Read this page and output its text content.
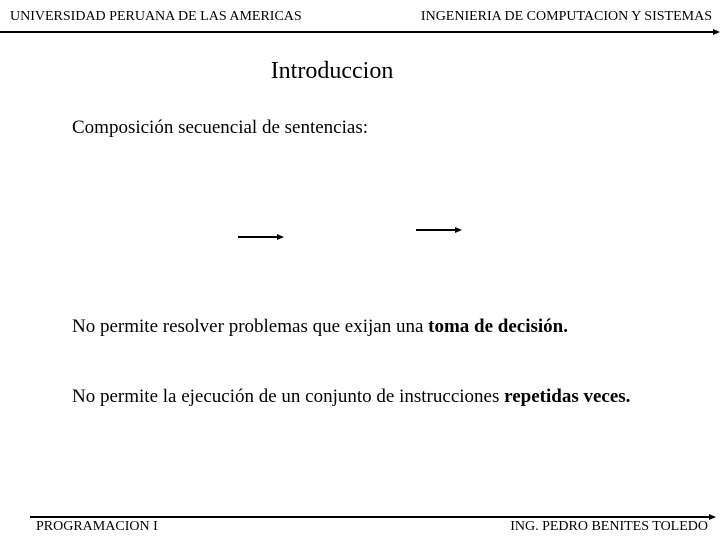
UNIVERSIDAD PERUANA DE LAS AMERICAS	INGENIERIA DE COMPUTACION Y SISTEMAS
Introduccion
Composición secuencial de sentencias:
No permite resolver problemas que exijan una toma de decisión.
No permite la ejecución de un conjunto de instrucciones repetidas veces.
PROGRAMACION I	ING. PEDRO BENITES TOLEDO
